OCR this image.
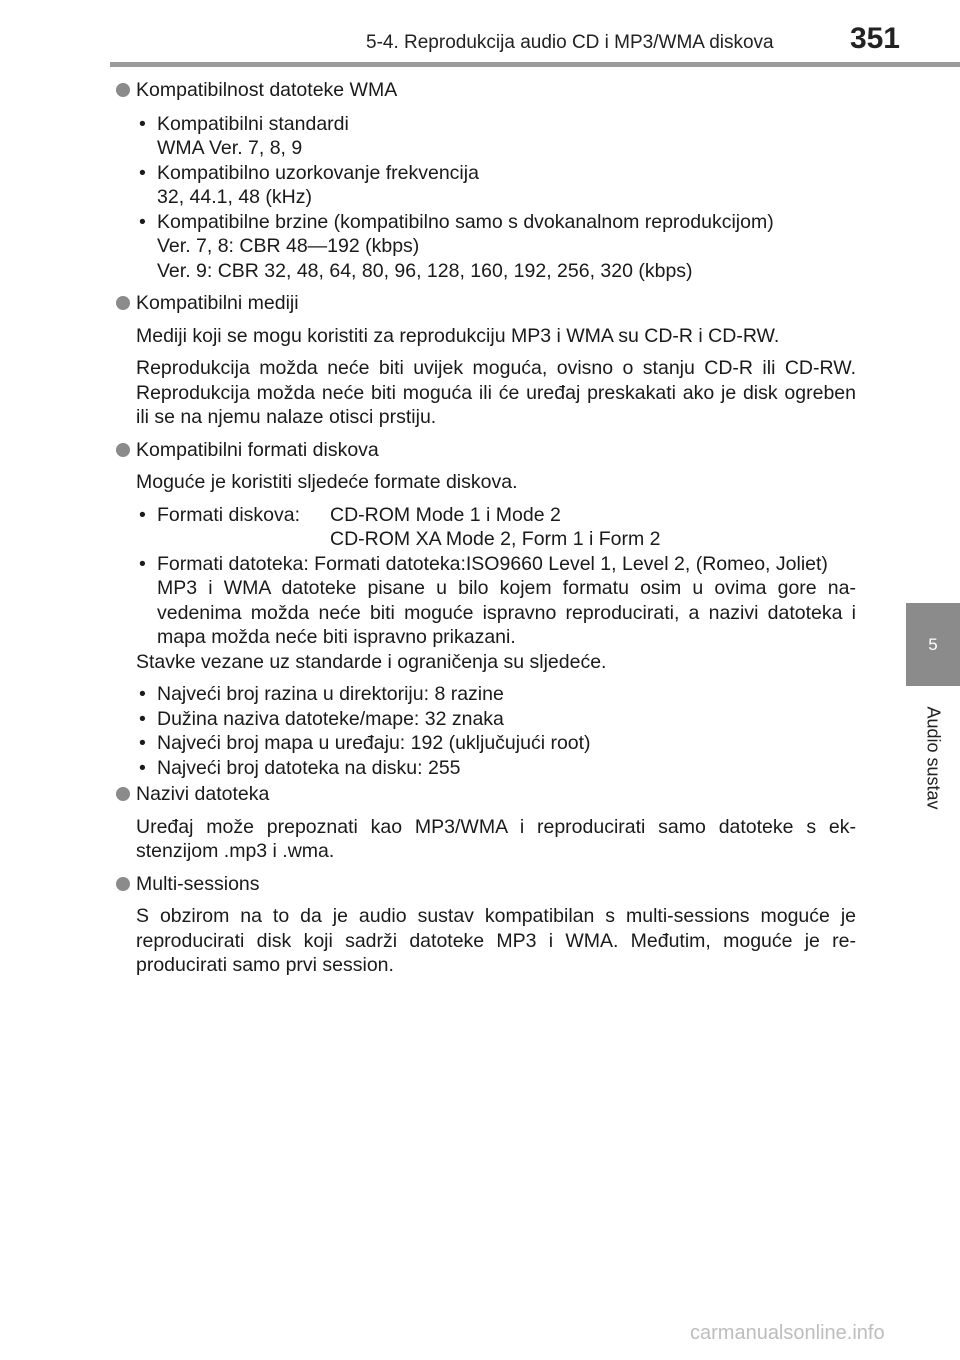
5-4. Reprodukcija audio CD i MP3/WMA diskova	351
5
Audio sustav
Kompatibilnost datoteke WMA
• Kompatibilni standardi
WMA Ver. 7, 8, 9
• Kompatibilno uzorkovanje frekvencija
32, 44.1, 48 (kHz)
• Kompatibilne brzine (kompatibilno samo s dvokanalnom reprodukcijom)
Ver. 7, 8: CBR 48—192 (kbps)
Ver. 9: CBR 32, 48, 64, 80, 96, 128, 160, 192, 256, 320 (kbps)
Kompatibilni mediji
Mediji koji se mogu koristiti za reprodukciju MP3 i WMA su CD-R i CD-RW.
Reprodukcija možda neće biti uvijek moguća, ovisno o stanju CD-R ili CD-RW. Reprodukcija možda neće biti moguća ili će uređaj preskakati ako je disk ogreben ili se na njemu nalaze otisci prstiju.
Kompatibilni formati diskova
Moguće je koristiti sljedeće formate diskova.
• Formati diskova:	CD-ROM Mode 1 i Mode 2
CD-ROM XA Mode 2, Form 1 i Form 2
• Formati datoteka: Formati datoteka:ISO9660 Level 1, Level 2, (Romeo, Joliet)
MP3 i WMA datoteke pisane u bilo kojem formatu osim u ovima gore navedenima možda neće biti moguće ispravno reproducirati, a nazivi datoteka i mapa možda neće biti ispravno prikazani.
Stavke vezane uz standarde i ograničenja su sljedeće.
• Najveći broj razina u direktoriju: 8 razine
• Dužina naziva datoteke/mape: 32 znaka
• Najveći broj mapa u uređaju: 192 (uključujući root)
• Najveći broj datoteka na disku: 255
Nazivi datoteka
Uređaj može prepoznati kao MP3/WMA i reproducirati samo datoteke s ekstenzijom .mp3 i .wma.
Multi-sessions
S obzirom na to da je audio sustav kompatibilan s multi-sessions moguće je reproducirati disk koji sadrži datoteke MP3 i WMA. Međutim, moguće je reproducirati samo prvi session.
carmanualsonline.info
